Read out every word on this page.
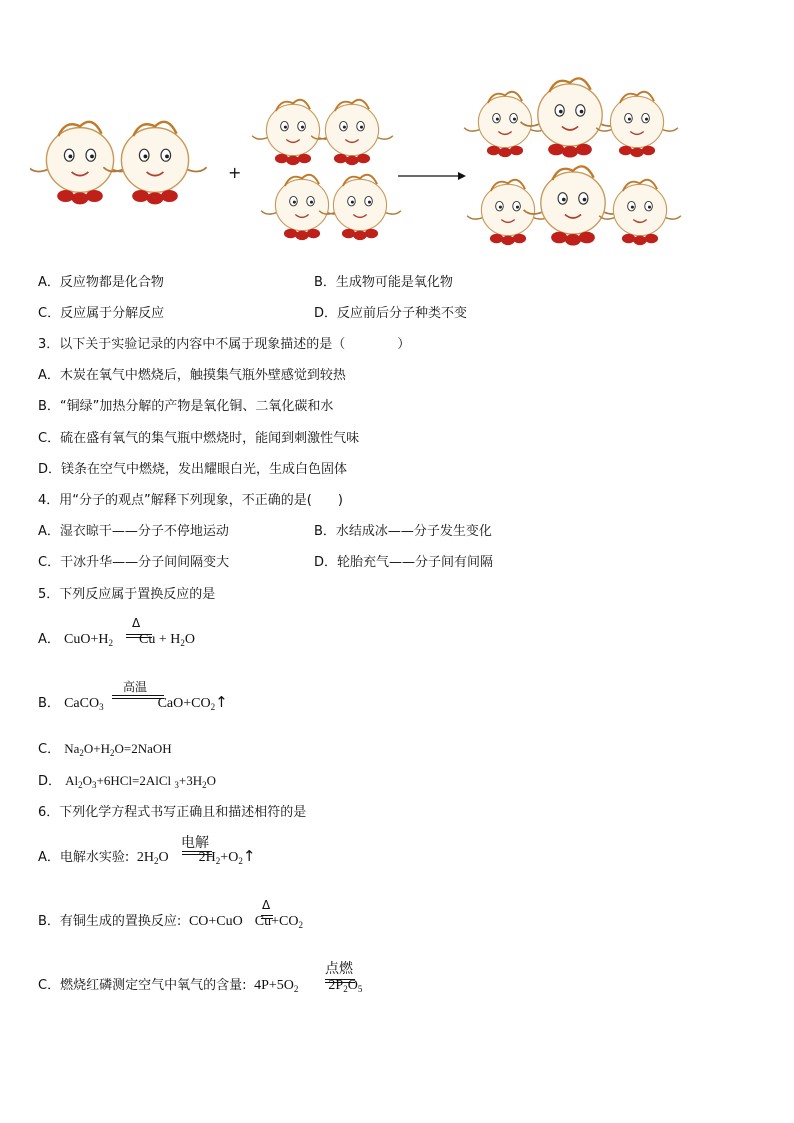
+
A．反应物都是化合物	B．生成物可能是氧化物
C．反应属于分解反应	D．反应前后分子种类不变
3．以下关于实验记录的内容中不属于现象描述的是（　　　　）
A．木炭在氧气中燃烧后，触摸集气瓶外壁感觉到较热
B．“铜绿”加热分解的产物是氧化铜、二氧化碳和水
C．硫在盛有氧气的集气瓶中燃烧时，能闻到刺激性气味
D．镁条在空气中燃烧，发出耀眼白光，生成白色固体
4．用“分子的观点”解释下列现象，不正确的是(　　)
A．湿衣晾干——分子不停地运动	B．水结成冰——分子发生变化
C．干冰升华——分子间间隔变大	D．轮胎充气——分子间有间隔
5．下列反应属于置换反应的是
A． $CuO+H_2$ $Cu + H_2O$
Δ
B． CaCO$_3$	$CaO+CO_2↑$
高温
C． $Na_2O+H_2O=2NaOH$
D． $Al_2O_3+6HCl=2AlCl$ $_3+3H_2O$
6．下列化学方程式书写正确且和描述相符的是
A．电解水实验:  $2H_2O$ $2H_2+O_2↑$
电解
B．有铜生成的置换反应:  CO+CuO $Cu+CO_2$
Δ
C．燃烧红磷测定空气中氧气的含量:  $4P+5O_2$ $2P_2O_5$
点燃
